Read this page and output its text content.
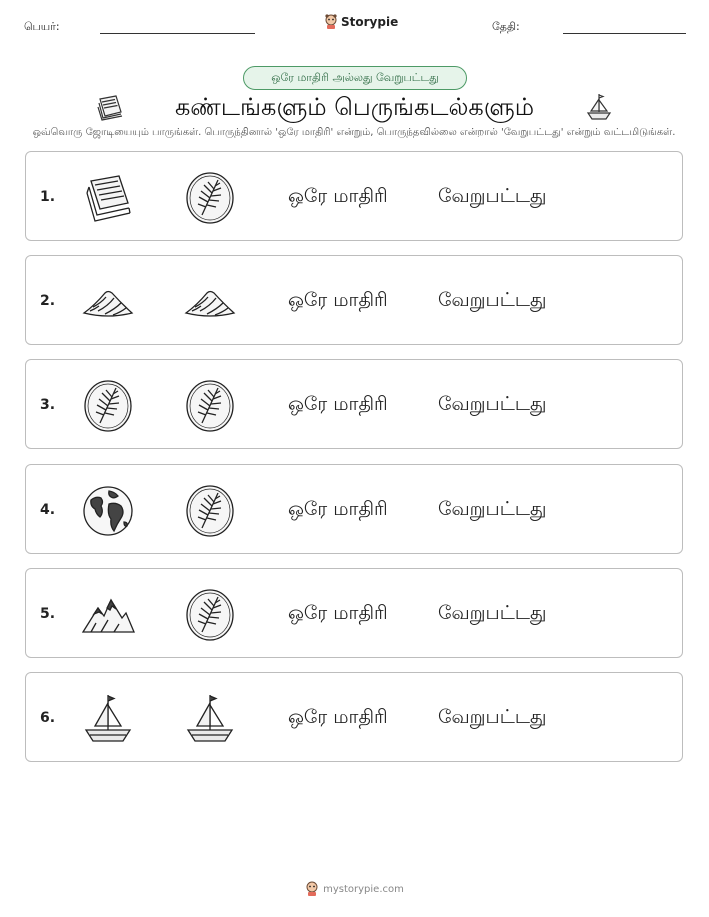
பெயர்:	Storypie	தேதி:
ஒரே மாதிரி அல்லது வேறுபட்டது
கண்டங்களும் பெருங்கடல்களும்
ஒவ்வொரு ஜோடியையும் பாருங்கள். பொருந்தினால் 'ஒரே மாதிரி' என்றும், பொருந்தவில்லை என்றால் 'வேறுபட்டது' என்றும் வட்டமிடுங்கள்.
1.	ஒரே மாதிரி	வேறுபட்டது
2.	ஒரே மாதிரி	வேறுபட்டது
3.	ஒரே மாதிரி	வேறுபட்டது
4.	ஒரே மாதிரி	வேறுபட்டது
5.	ஒரே மாதிரி	வேறுபட்டது
6.	ஒரே மாதிரி	வேறுபட்டது
mystorypie.com
